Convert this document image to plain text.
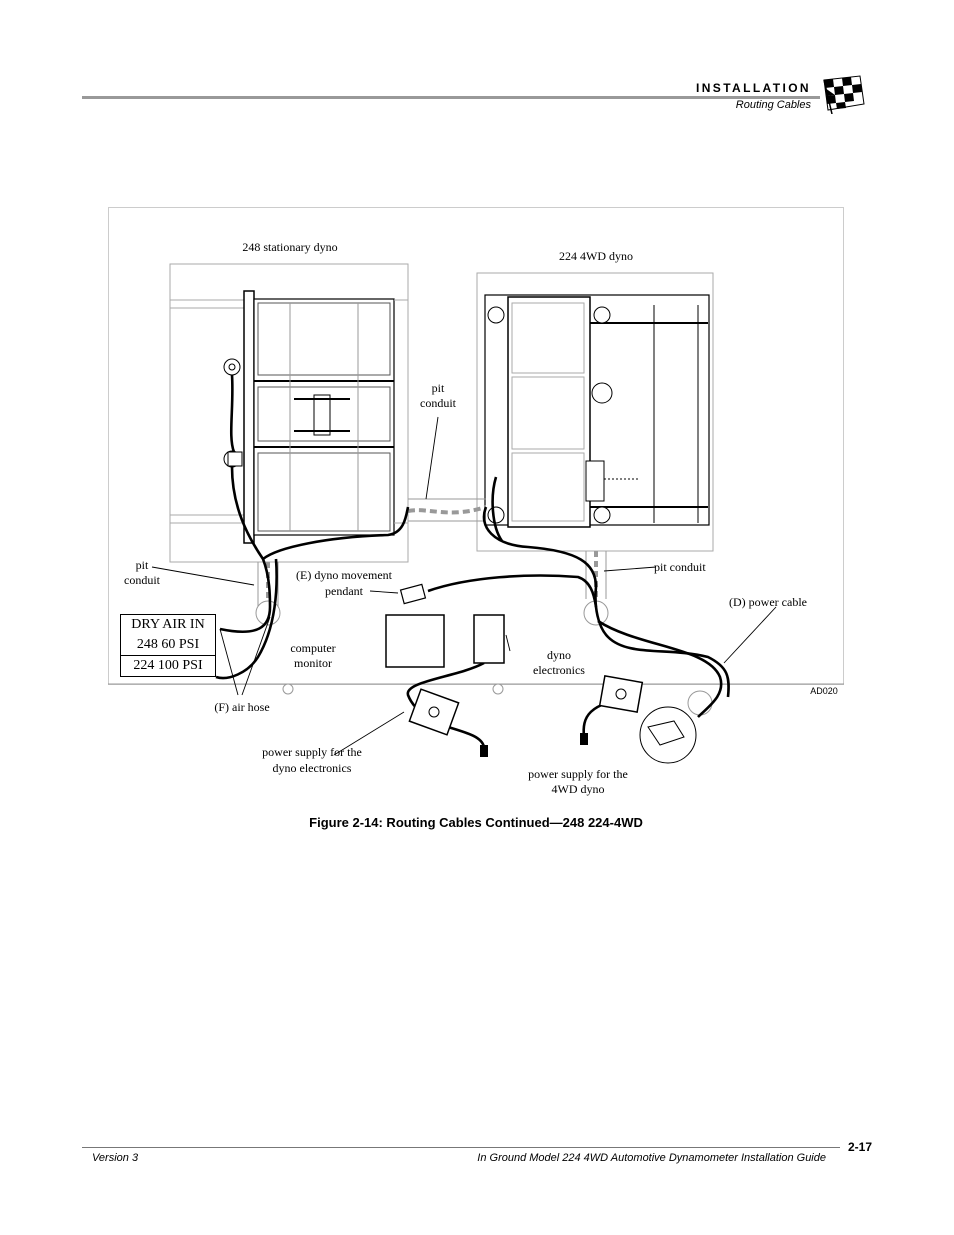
INSTALLATION
Routing Cables
248 stationary dyno
224 4WD dyno
pit
conduit
pit
conduit
pit conduit
(E) dyno movement
pendant
(D) power cable
computer
monitor
dyno
electronics
(F) air hose
power supply for the
dyno electronics	power supply for the
4WD dyno
AD020
DRY AIR IN
248 60 PSI
224 100 PSI
Figure 2-14: Routing Cables Continued—248 224-4WD
Version 3	In Ground Model 224 4WD Automotive Dynamometer Installation Guide
2-17
